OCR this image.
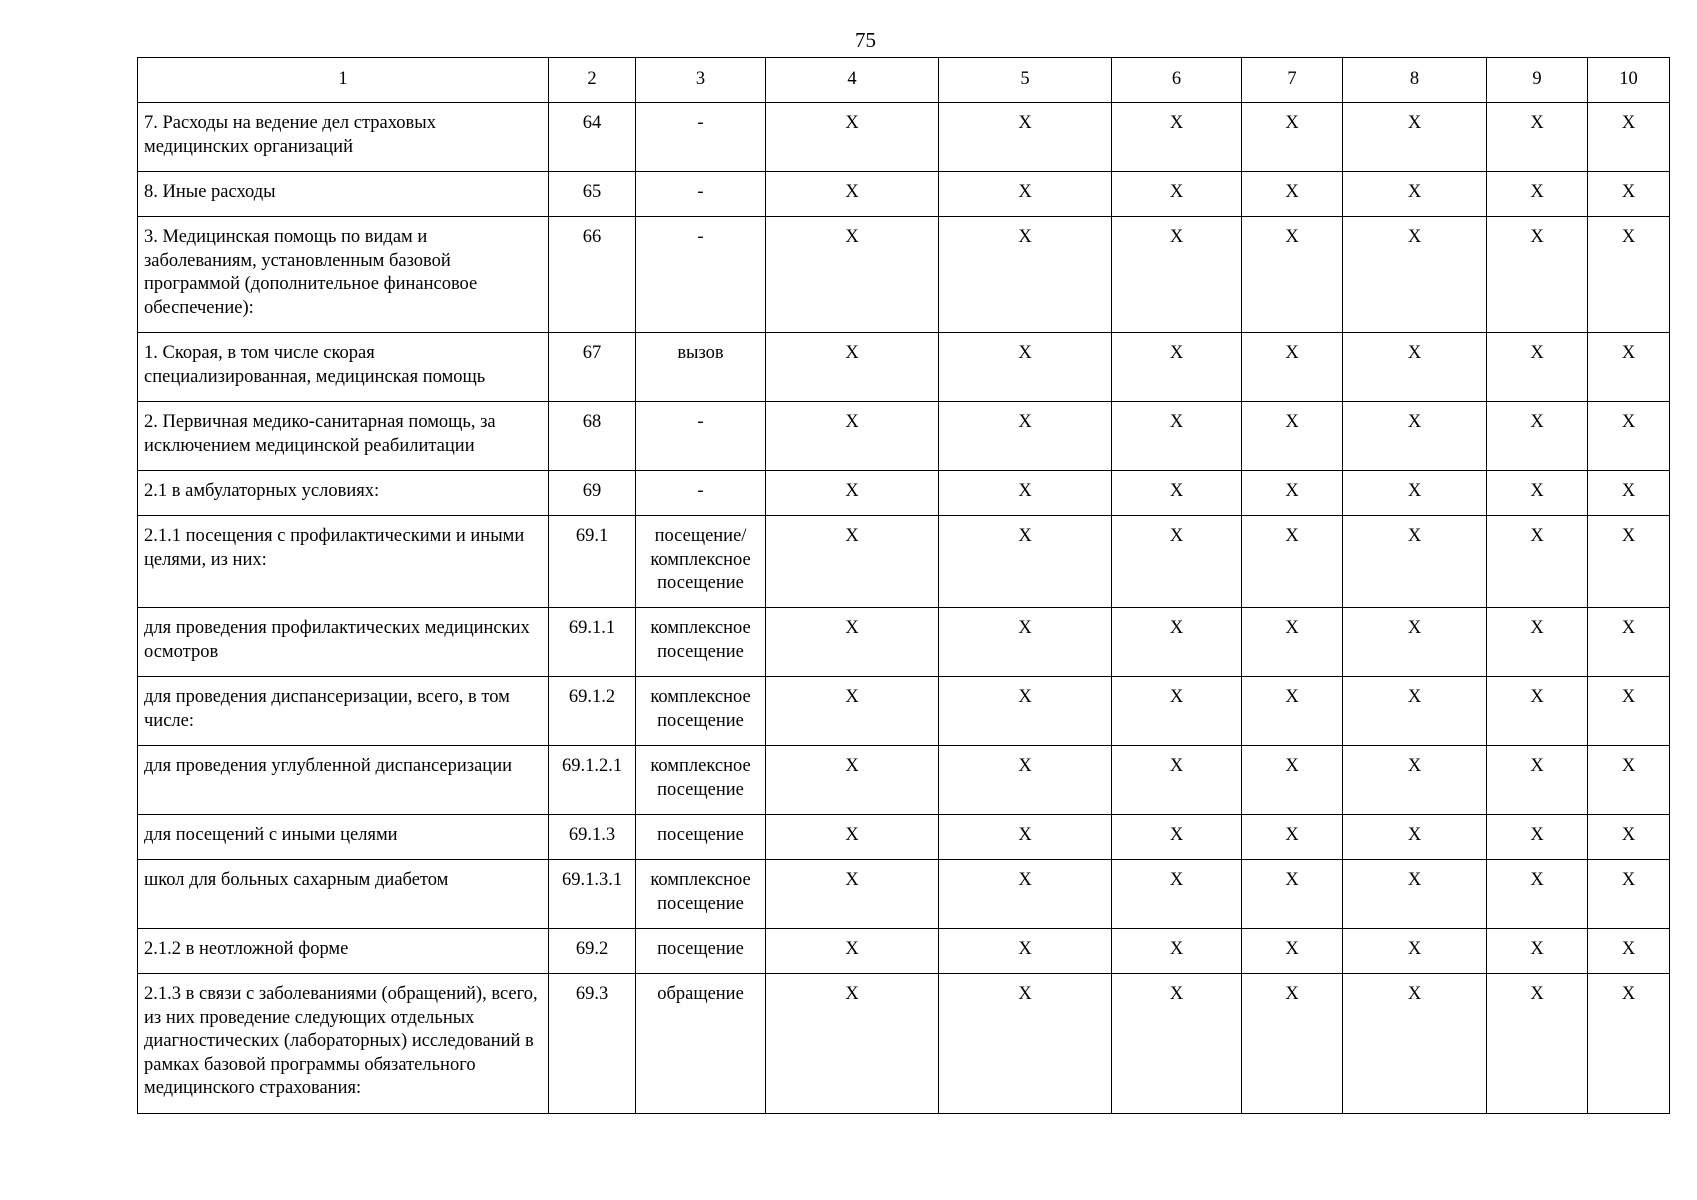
75
1	2	3	4	5	6	7	8	9	10
7. Расходы на ведение дел страховых медицинских организаций	64	-	X	X	X	X	X	X	X
8. Иные расходы	65	-	X	X	X	X	X	X	X
3. Медицинская помощь по видам и заболеваниям, установленным базовой программой (дополнительное финансовое обеспечение):	66	-	X	X	X	X	X	X	X
1. Скорая, в том числе скорая специализированная, медицинская помощь	67	вызов	X	X	X	X	X	X	X
2. Первичная медико-санитарная помощь, за исключением медицинской реабилитации	68	-	X	X	X	X	X	X	X
2.1 в амбулаторных условиях:	69	-	X	X	X	X	X	X	X
2.1.1 посещения с профилактическими и иными целями, из них:	69.1	посещение/ комплексное посещение	X	X	X	X	X	X	X
для проведения профилактических медицинских осмотров	69.1.1	комплексное посещение	X	X	X	X	X	X	X
для проведения диспансеризации, всего, в том числе:	69.1.2	комплексное посещение	X	X	X	X	X	X	X
для проведения углубленной диспансеризации	69.1.2.1	комплексное посещение	X	X	X	X	X	X	X
для посещений с иными целями	69.1.3	посещение	X	X	X	X	X	X	X
школ для больных сахарным диабетом	69.1.3.1	комплексное посещение	X	X	X	X	X	X	X
2.1.2 в неотложной форме	69.2	посещение	X	X	X	X	X	X	X
2.1.3 в связи с заболеваниями (обращений), всего, из них проведение следующих отдельных диагностических (лабораторных) исследований в рамках базовой программы обязательного медицинского страхования:	69.3	обращение	X	X	X	X	X	X	X
